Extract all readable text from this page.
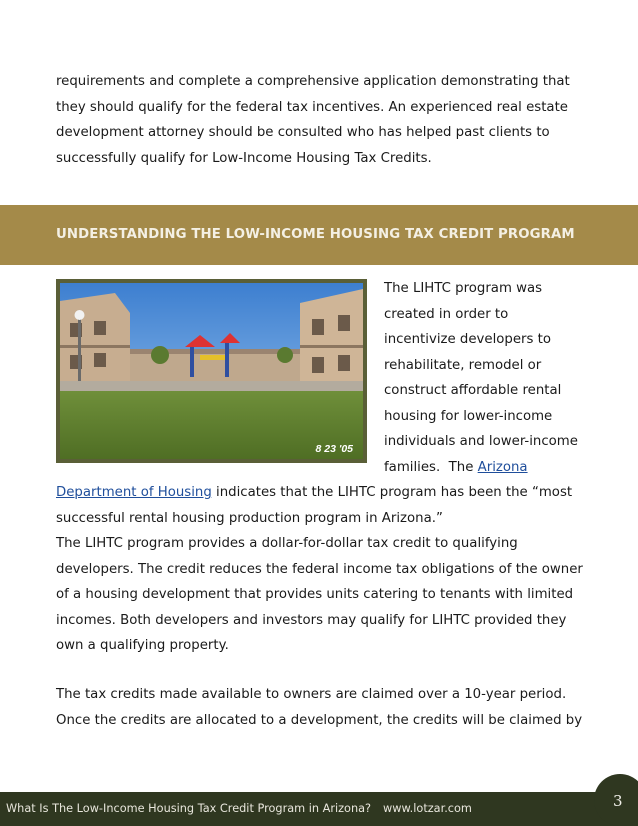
requirements and complete a comprehensive application demonstrating that
they should qualify for the federal tax incentives. An experienced real estate
development attorney should be consulted who has helped past clients to
successfully qualify for Low-Income Housing Tax Credits.
UNDERSTANDING THE LOW-INCOME HOUSING TAX CREDIT PROGRAM
8 23 '05
The LIHTC program was
created in order to
incentivize developers to
rehabilitate, remodel or
construct affordable rental
housing for lower-income
individuals and lower-income
families.  The Arizona
Department of Housing indicates that the LIHTC program has been the “most
successful rental housing production program in Arizona.”
The LIHTC program provides a dollar-for-dollar tax credit to qualifying
developers. The credit reduces the federal income tax obligations of the owner
of a housing development that provides units catering to tenants with limited
incomes. Both developers and investors may qualify for LIHTC provided they
own a qualifying property.
The tax credits made available to owners are claimed over a 10-year period.
Once the credits are allocated to a development, the credits will be claimed by
What Is The Low-Income Housing Tax Credit Program in Arizona? www.lotzar.com	3
